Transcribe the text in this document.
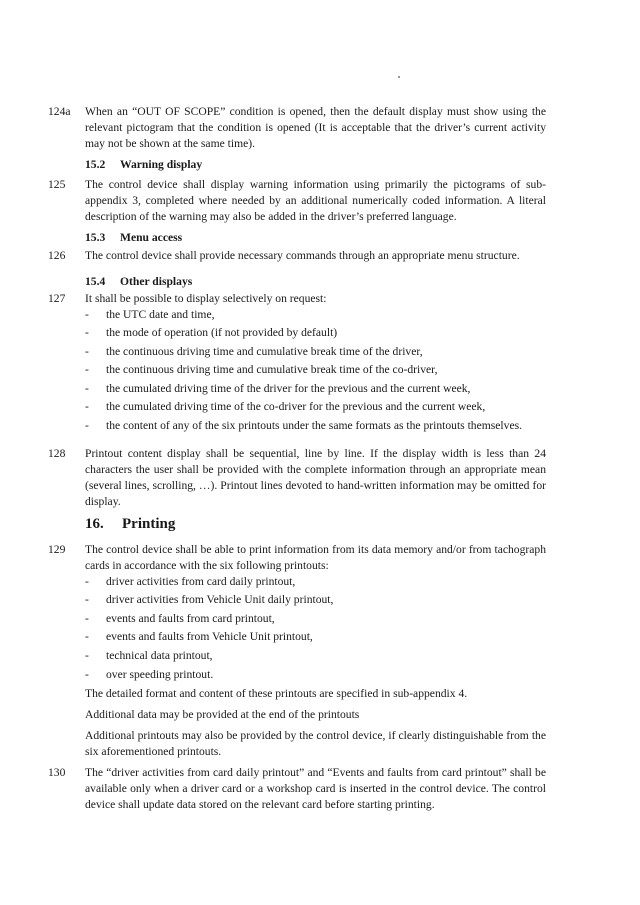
124a When an “OUT OF SCOPE” condition is opened, then the default display must show using the relevant pictogram that the condition is opened (It is acceptable that the driver’s current activity may not be shown at the same time).
15.2 Warning display
125 The control device shall display warning information using primarily the pictograms of sub-appendix 3, completed where needed by an additional numerically coded information. A literal description of the warning may also be added in the driver’s preferred language.
15.3 Menu access
126 The control device shall provide necessary commands through an appropriate menu structure.
15.4 Other displays
127 It shall be possible to display selectively on request:
- the UTC date and time,
- the mode of operation (if not provided by default)
- the continuous driving time and cumulative break time of the driver,
- the continuous driving time and cumulative break time of the co-driver,
- the cumulated driving time of the driver for the previous and the current week,
- the cumulated driving time of the co-driver for the previous and the current week,
- the content of any of the six printouts under the same formats as the printouts themselves.
128 Printout content display shall be sequential, line by line. If the display width is less than 24 characters the user shall be provided with the complete information through an appropriate mean (several lines, scrolling, …). Printout lines devoted to hand-written information may be omitted for display.
16. Printing
129 The control device shall be able to print information from its data memory and/or from tachograph cards in accordance with the six following printouts:
- driver activities from card daily printout,
- driver activities from Vehicle Unit daily printout,
- events and faults from card printout,
- events and faults from Vehicle Unit printout,
- technical data printout,
- over speeding printout.
The detailed format and content of these printouts are specified in sub-appendix 4.
Additional data may be provided at the end of the printouts
Additional printouts may also be provided by the control device, if clearly distinguishable from the six aforementioned printouts.
130 The “driver activities from card daily printout” and “Events and faults from card printout” shall be available only when a driver card or a workshop card is inserted in the control device. The control device shall update data stored on the relevant card before starting printing.
